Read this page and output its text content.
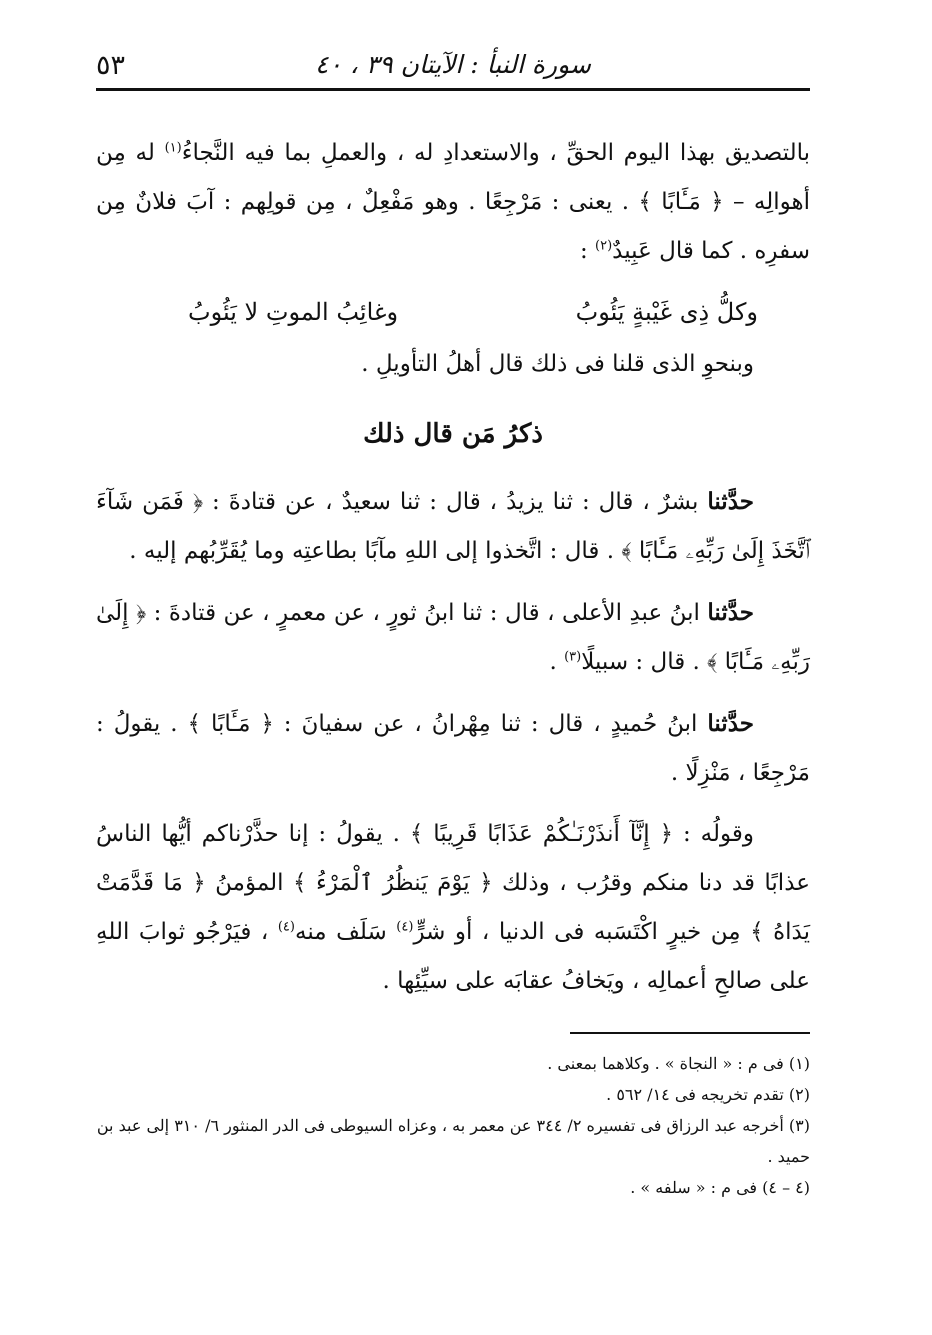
سورة النبأ : الآيتان ٣٩ ، ٤٠
٥٣

بالتصديق بهذا اليوم الحقِّ ، والاستعدادِ له ، والعملِ بما فيه النَّجاءُ$^{(١)}$ له مِن أهوالِه – ﴿ مَـَٔابًا ﴾ . يعنى : مَرْجِعًا . وهو مَفْعِلٌ ، مِن قولِهم : آبَ فلانٌ مِن سفرِه . كما قال عَبِيدٌ$^{(٢)}$ :

وكلُّ ذِى غَيْبةٍ يَئُوبُ
وغائِبُ الموتِ لا يَئُوبُ

وبنحوِ الذى قلنا فى ذلك قال أهلُ التأويلِ .

ذكرُ مَن قال ذلك

حدَّثنا بشرٌ ، قال : ثنا يزيدُ ، قال : ثنا سعيدٌ ، عن قتادةَ : ﴿ فَمَن شَآءَ ٱتَّخَذَ إِلَىٰ رَبِّهِۦ مَـَٔابًا ﴾ . قال : اتَّخذوا إلى اللهِ مآبًا بطاعتِه وما يُقَرِّبُهم إليه .

حدَّثنا ابنُ عبدِ الأعلى ، قال : ثنا ابنُ ثورٍ ، عن معمرٍ ، عن قتادةَ : ﴿ إِلَىٰ رَبِّهِۦ مَـَٔابًا ﴾ . قال : سبيلًا$^{(٣)}$ .

حدَّثنا ابنُ حُميدٍ ، قال : ثنا مِهْرانُ ، عن سفيانَ : ﴿ مَـَٔابًا ﴾ . يقولُ : مَرْجِعًا ، مَنْزِلًا .

وقولُه : ﴿ إِنَّآ أَنذَرْنَـٰكُمْ عَذَابًا قَرِيبًا ﴾ . يقولُ : إنا حذَّرْناكم أيُّها الناسُ عذابًا قد دنا منكم وقرُب ، وذلك ﴿ يَوْمَ يَنظُرُ ٱلْمَرْءُ ﴾ المؤمنُ ﴿ مَا قَدَّمَتْ يَدَاهُ ﴾ مِن خيرٍ اكْتَسَبه فى الدنيا ، أو شرٍّ$^{(٤)}$ سَلَف منه$^{(٤)}$ ، فيَرْجُو ثوابَ اللهِ على صالحِ أعمالِه ، ويَخافُ عقابَه على سيِّئِها .

(١) فى م : « النجاة » . وكلاهما بمعنى .

(٢) تقدم تخريجه فى ١٤/ ٥٦٢ .

(٣) أخرجه عبد الرزاق فى تفسيره ٢/ ٣٤٤ عن معمر به ، وعزاه السيوطى فى الدر المنثور ٦/ ٣١٠ إلى عبد بن حميد .

(٤ – ٤) فى م : « سلفه » .
